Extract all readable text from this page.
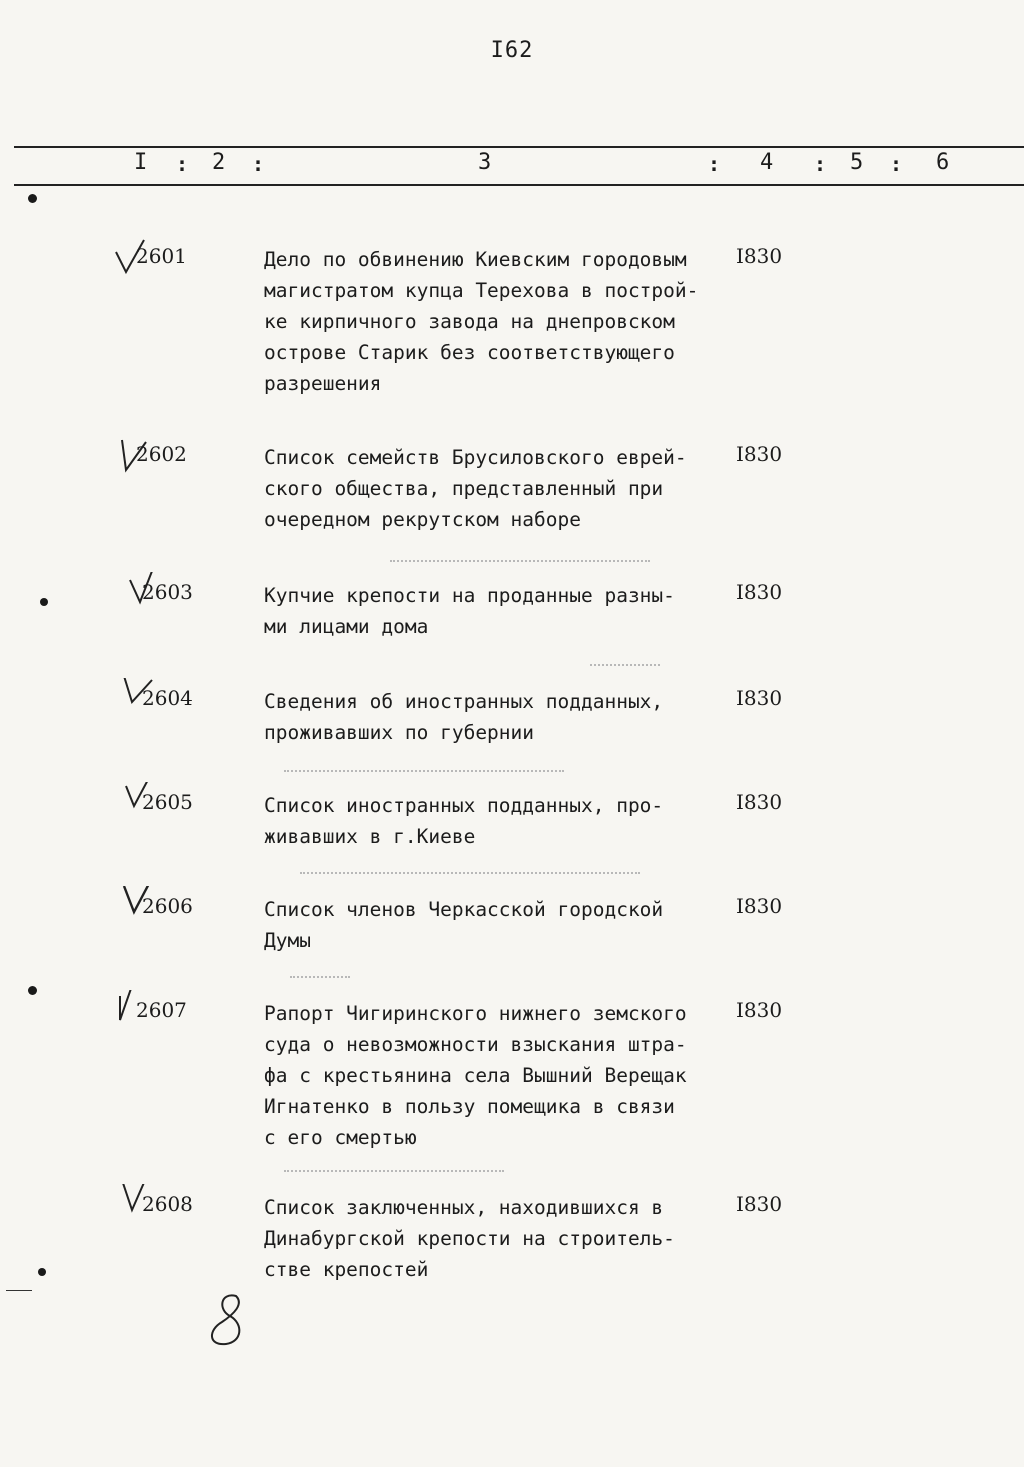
I62
I : 2 :	3	: 4 : 5 : 6
2601	Дело по обвинению Киевским городовым
магистратом купца Терехова в построй-
ке кирпичного завода на днепровском
острове Старик без соответствующего
разрешения
I830
2602	Список семейств Брусиловского еврей-
ского общества, представленный при
очередном рекрутском наборе
I830
2603	Купчие крепости на проданные разны-
ми лицами дома
I830
2604	Сведения об иностранных подданных,
проживавших по губернии
I830
2605	Список иностранных подданных, про-
живавших в г.Киеве
I830
2606	Список членов Черкасской городской
Думы
I830
2607	Рапорт Чигиринского нижнего земского
суда о невозможности взыскания штра-
фа с крестьянина села Вышний Верещак
Игнатенко в пользу помещика в связи
с его смертью
I830
2608	Список заключенных, находившихся в
Динабургской крепости на строитель-
стве крепостей
I830
8
